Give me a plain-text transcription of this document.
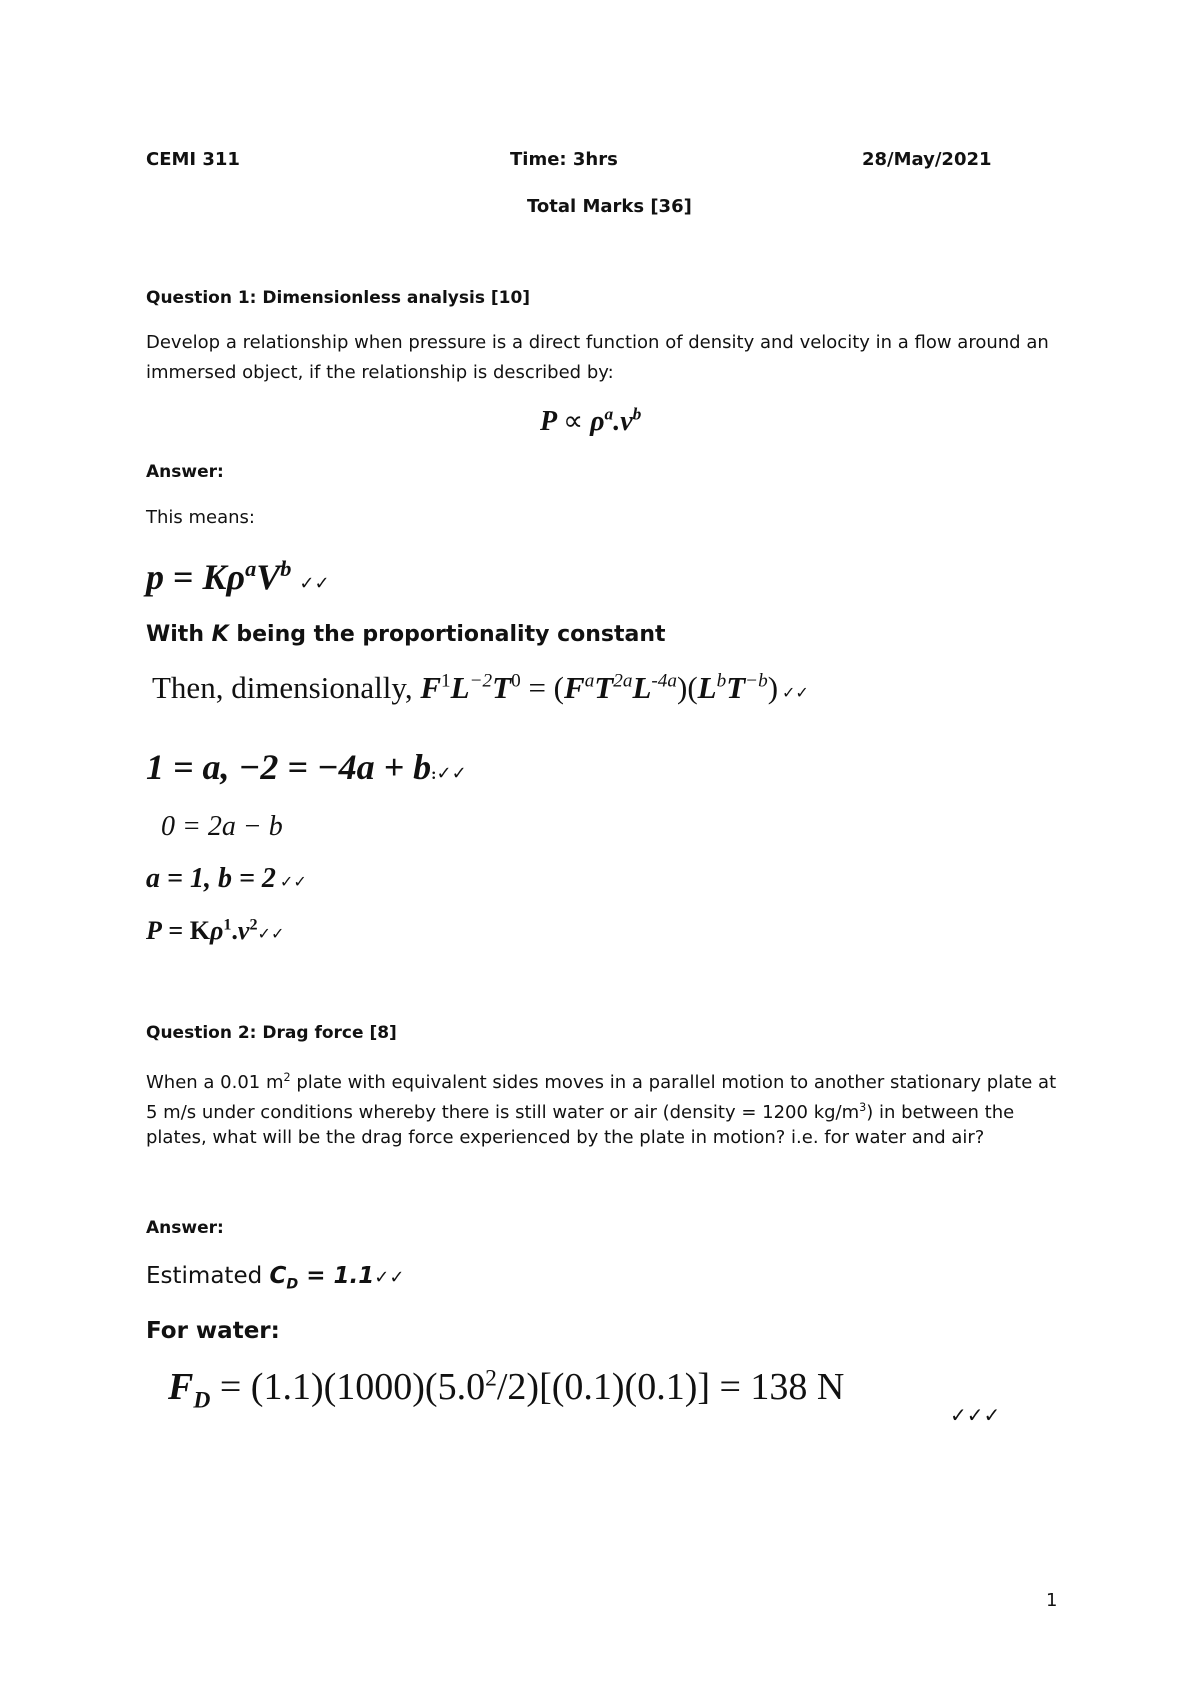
CEMI 311	Time: 3hrs	28/May/2021
Total Marks [36]
Question 1: Dimensionless analysis [10]
Develop a relationship when pressure is a direct function of density and velocity in a flow around an
immersed object, if the relationship is described by:
$P \propto \rho^a.v^b$
Answer:
This means:
$p = K\rho^aV^b✓✓$
With K being the proportionality constant
Then, dimensionally, $F^1L^{-2}T^0 = (F^aT^{2a}L^{-4a})(L^bT^{-b})$ ✓✓
1 = a, −2 = −4a + b:✓✓
0 = 2a − b
a = 1, b = 2 ✓✓
$P = K\rho^1.v^2✓✓$
Question 2: Drag force [8]
When a 0.01 $m^2$ plate with equivalent sides moves in a parallel motion to another stationary plate at
5 m/s under conditions whereby there is still water or air (density = 1200 $kg/m^3$) in between the
plates, what will be the drag force experienced by the plate in motion? i.e. for water and air?
Answer:
Estimated $C_D$ = 1.1✓✓
For water:
$F_D = (1.1)(1000)(5.0^2/2)[(0.1)(0.1)] = 138$ N
✓✓✓
1
